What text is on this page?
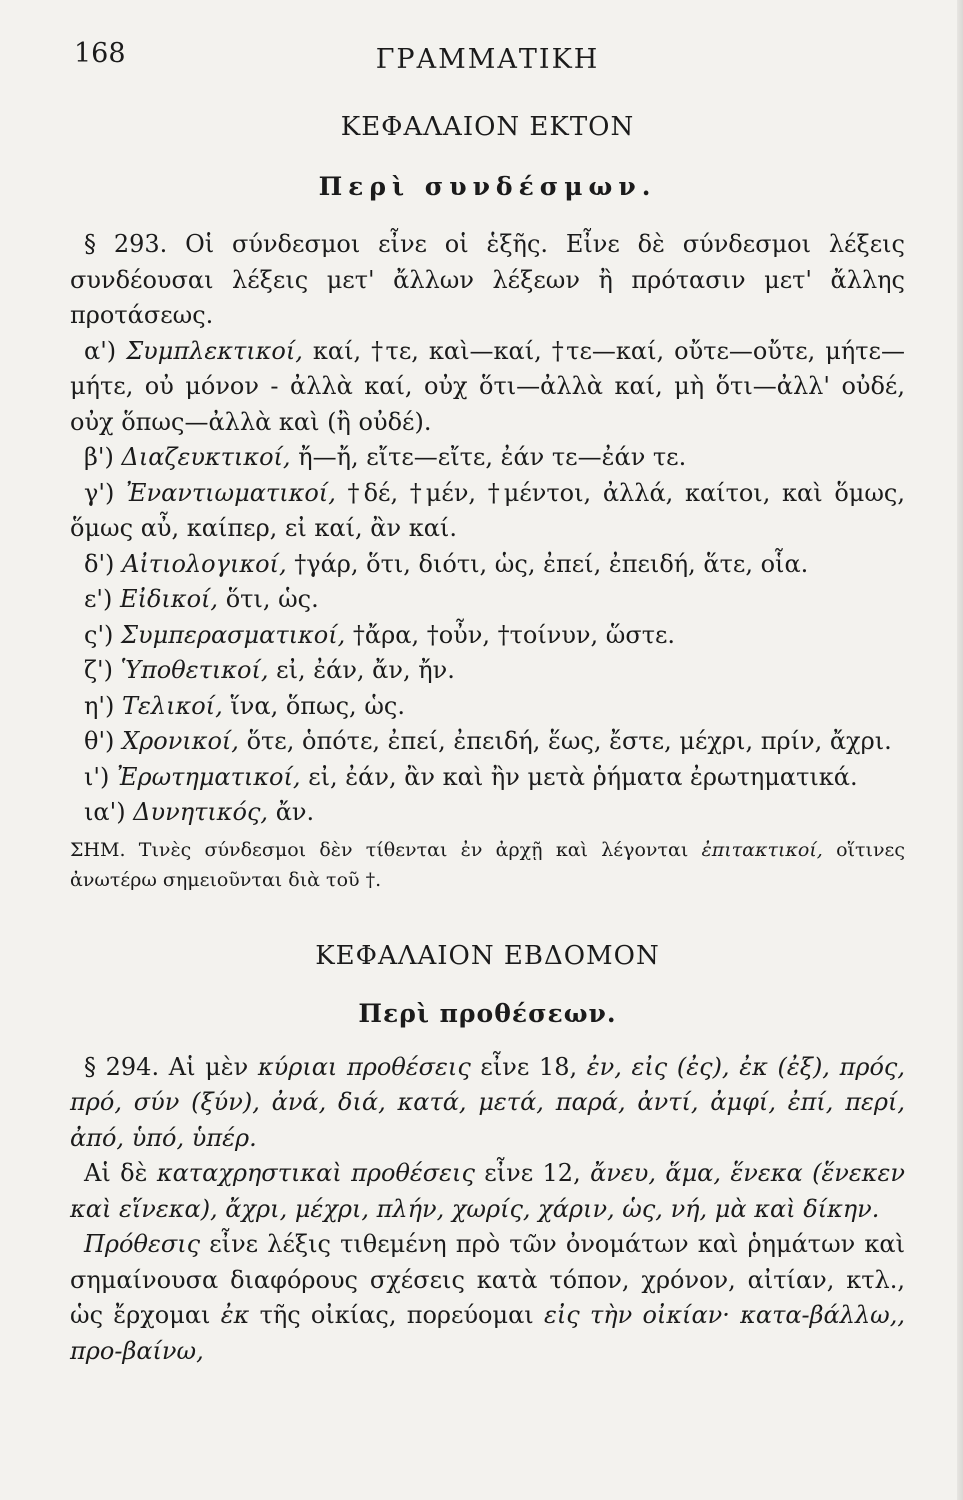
168	ΓΡΑΜΜΑΤΙΚΗ
ΚΕΦΑΛΑΙΟΝ ΕΚΤΟΝ
Περὶ συνδέσμων.

§ 293. Οἱ σύνδεσμοι εἶνε οἱ ἑξῆς. Εἶνε δὲ σύνδεσμοι λέξεις συνδέουσαι λέξεις μετ' ἄλλων λέξεων ἢ πρότασιν μετ' ἄλλης προτάσεως.

α') Συμπλεκτικοί, καί, †τε, καὶ—καί, †τε—καί, οὔτε—οὔτε, μήτε—μήτε, οὐ μόνον - ἀλλὰ καί, οὐχ ὅτι—ἀλλὰ καί, μὴ ὅτι—ἀλλ' οὐδέ, οὐχ ὅπως—ἀλλὰ καὶ (ἢ οὐδέ).

β') Διαζευκτικοί, ἤ—ἤ, εἴτε—εἴτε, ἐάν τε—ἐάν τε.

γ') Ἐναντιωματικοί, †δέ, †μέν, †μέντοι, ἀλλά, καίτοι, καὶ ὅμως, ὅμως αὖ, καίπερ, εἰ καί, ἂν καί.

δ') Αἰτιολογικοί, †γάρ, ὅτι, διότι, ὡς, ἐπεί, ἐπειδή, ἅτε, οἷα.

ε') Εἰδικοί, ὅτι, ὡς.

ς') Συμπερασματικοί, †ἄρα, †οὖν, †τοίνυν, ὥστε.

ζ') Ὑποθετικοί, εἰ, ἐάν, ἄν, ἤν.

η') Τελικοί, ἵνα, ὅπως, ὡς.

θ') Χρονικοί, ὅτε, ὁπότε, ἐπεί, ἐπειδή, ἕως, ἔστε, μέχρι, πρίν, ἄχρι.

ι') Ἐρωτηματικοί, εἰ, ἐάν, ἂν καὶ ἢν μετὰ ῥήματα ἐρωτηματικά.

ια') Δυνητικός, ἄν.

ΣΗΜ. Τινὲς σύνδεσμοι δὲν τίθενται ἐν ἀρχῇ καὶ λέγονται ἐπιτακτικοί, οἵτινες ἀνωτέρω σημειοῦνται διὰ τοῦ †.

ΚΕΦΑΛΑΙΟΝ ΕΒΔΟΜΟΝ
Περὶ προθέσεων.

§ 294. Αἱ μὲν κύριαι προθέσεις εἶνε 18, ἐν, εἰς (ἐς), ἐκ (ἐξ), πρός, πρό, σύν (ξύν), ἀνά, διά, κατά, μετά, παρά, ἀντί, ἀμφί, ἐπί, περί, ἀπό, ὑπό, ὑπέρ.

Αἱ δὲ καταχρηστικαὶ προθέσεις εἶνε 12, ἄνευ, ἅμα, ἕνεκα (ἕνεκεν καὶ εἵνεκα), ἄχρι, μέχρι, πλήν, χωρίς, χάριν, ὡς, νή, μὰ καὶ δίκην.

Πρόθεσις εἶνε λέξις τιθεμένη πρὸ τῶν ὀνομάτων καὶ ῥημάτων καὶ σημαίνουσα διαφόρους σχέσεις κατὰ τόπον, χρόνον, αἰτίαν, κτλ., ὡς ἔρχομαι ἐκ τῆς οἰκίας, πορεύομαι εἰς τὴν οἰκίαν· κατα-βάλλω,, προ-βαίνω,
